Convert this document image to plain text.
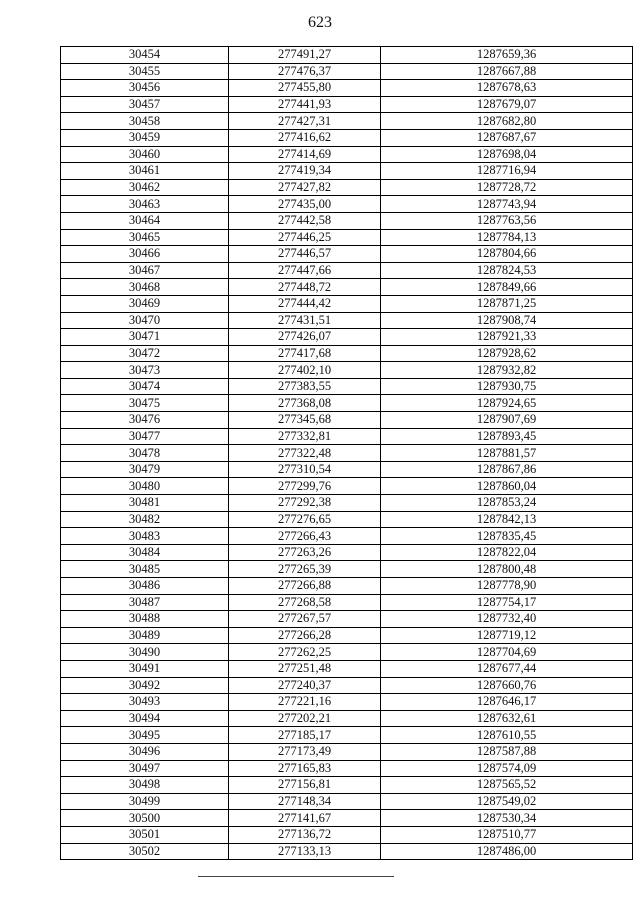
623
30454	277491,27	1287659,36
30455	277476,37	1287667,88
30456	277455,80	1287678,63
30457	277441,93	1287679,07
30458	277427,31	1287682,80
30459	277416,62	1287687,67
30460	277414,69	1287698,04
30461	277419,34	1287716,94
30462	277427,82	1287728,72
30463	277435,00	1287743,94
30464	277442,58	1287763,56
30465	277446,25	1287784,13
30466	277446,57	1287804,66
30467	277447,66	1287824,53
30468	277448,72	1287849,66
30469	277444,42	1287871,25
30470	277431,51	1287908,74
30471	277426,07	1287921,33
30472	277417,68	1287928,62
30473	277402,10	1287932,82
30474	277383,55	1287930,75
30475	277368,08	1287924,65
30476	277345,68	1287907,69
30477	277332,81	1287893,45
30478	277322,48	1287881,57
30479	277310,54	1287867,86
30480	277299,76	1287860,04
30481	277292,38	1287853,24
30482	277276,65	1287842,13
30483	277266,43	1287835,45
30484	277263,26	1287822,04
30485	277265,39	1287800,48
30486	277266,88	1287778,90
30487	277268,58	1287754,17
30488	277267,57	1287732,40
30489	277266,28	1287719,12
30490	277262,25	1287704,69
30491	277251,48	1287677,44
30492	277240,37	1287660,76
30493	277221,16	1287646,17
30494	277202,21	1287632,61
30495	277185,17	1287610,55
30496	277173,49	1287587,88
30497	277165,83	1287574,09
30498	277156,81	1287565,52
30499	277148,34	1287549,02
30500	277141,67	1287530,34
30501	277136,72	1287510,77
30502	277133,13	1287486,00
